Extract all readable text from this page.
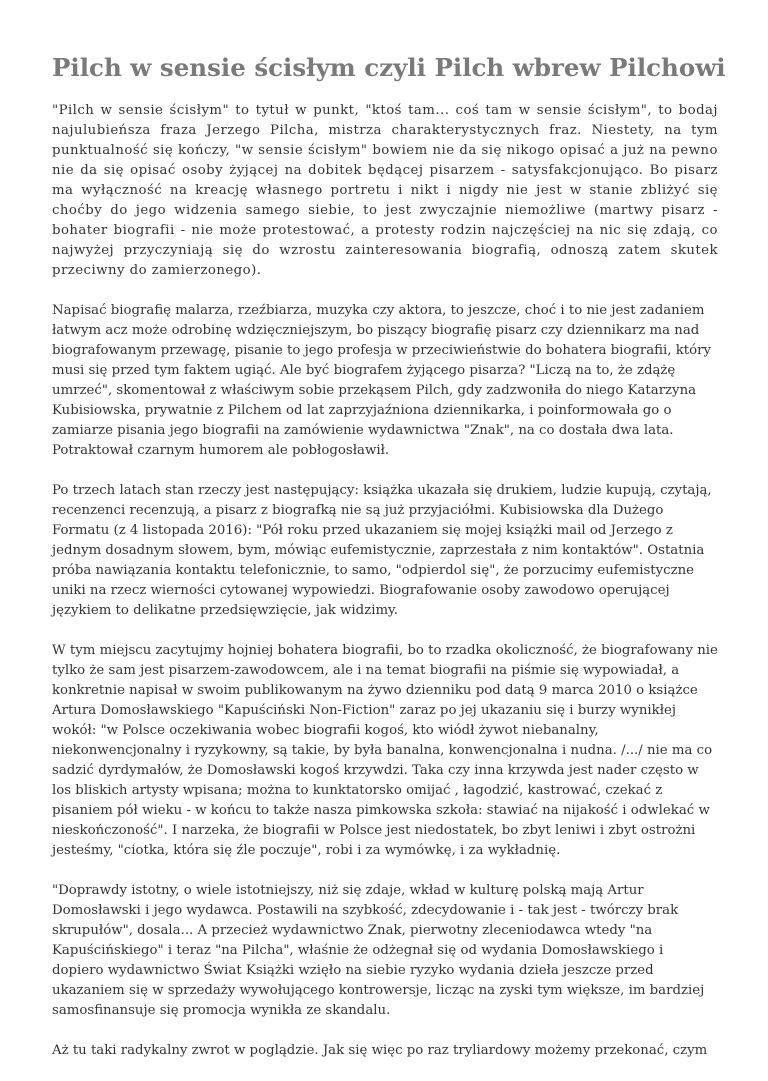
Pilch w sensie ścisłym czyli Pilch wbrew Pilchowi

"Pilch w sensie ścisłym" to tytuł w punkt, "ktoś tam... coś tam w sensie ścisłym", to bodaj najulubieńsza fraza Jerzego Pilcha, mistrza charakterystycznych fraz. Niestety, na tym punktualność się kończy, "w sensie ścisłym" bowiem nie da się nikogo opisać a już na pewno nie da się opisać osoby żyjącej na dobitek będącej pisarzem - satysfakcjonująco. Bo pisarz ma wyłączność na kreację własnego portretu i nikt i nigdy nie jest w stanie zbliżyć się choćby do jego widzenia samego siebie, to jest zwyczajnie niemożliwe (martwy pisarz - bohater biografii - nie może protestować, a protesty rodzin najczęściej na nic się zdają, co najwyżej przyczyniają się do wzrostu zainteresowania biografią, odnoszą zatem skutek przeciwny do zamierzonego).

Napisać biografię malarza, rzeźbiarza, muzyka czy aktora, to jeszcze, choć i to nie jest zadaniem łatwym acz może odrobinę wdzięczniejszym, bo piszący biografię pisarz czy dziennikarz ma nad biografowanym przewagę, pisanie to jego profesja w przeciwieństwie do bohatera biografii, który musi się przed tym faktem ugiąć. Ale być biografem żyjącego pisarza? "Liczą na to, że zdążę umrzeć", skomentował z właściwym sobie przekąsem Pilch, gdy zadzwoniła do niego Katarzyna Kubisiowska, prywatnie z Pilchem od lat zaprzyjaźniona dziennikarka, i poinformowała go o zamiarze pisania jego biografii na zamówienie wydawnictwa "Znak", na co dostała dwa lata. Potraktował czarnym humorem ale pobłogosławił.

Po trzech latach stan rzeczy jest następujący: książka ukazała się drukiem, ludzie kupują, czytają, recenzenci recenzują, a pisarz z biografką nie są już przyjaciółmi. Kubisiowska dla Dużego Formatu (z 4 listopada 2016): "Pół roku przed ukazaniem się mojej książki mail od Jerzego z jednym dosadnym słowem, bym, mówiąc eufemistycznie, zaprzestała z nim kontaktów". Ostatnia próba nawiązania kontaktu telefonicznie, to samo, "odpierdol się", że porzucimy eufemistyczne uniki na rzecz wierności cytowanej wypowiedzi. Biografowanie osoby zawodowo operującej językiem to delikatne przedsięwzięcie, jak widzimy.

W tym miejscu zacytujmy hojniej bohatera biografii, bo to rzadka okoliczność, że biografowany nie tylko że sam jest pisarzem-zawodowcem, ale i na temat biografii na piśmie się wypowiadał, a konkretnie napisał w swoim publikowanym na żywo dzienniku pod datą 9 marca 2010 o książce Artura Domosławskiego "Kapuściński Non-Fiction" zaraz po jej ukazaniu się i burzy wynikłej wokół: "w Polsce oczekiwania wobec biografii kogoś, kto wiódł żywot niebanalny, niekonwencjonalny i ryzykowny, są takie, by była banalna, konwencjonalna i nudna. /.../ nie ma co sadzić dyrdymałów, że Domosławski kogoś krzywdzi. Taka czy inna krzywda jest nader często w los bliskich artysty wpisana; można to kunktatorsko omijać , łagodzić, kastrować, czekać z pisaniem pół wieku - w końcu to także nasza pimkowska szkoła: stawiać na nijakość i odwlekać w nieskończoność". I narzeka, że biografii w Polsce jest niedostatek, bo zbyt leniwi i zbyt ostrożni jesteśmy, "ciotka, która się źle poczuje", robi i za wymówkę, i za wykładnię.

"Doprawdy istotny, o wiele istotniejszy, niż się zdaje, wkład w kulturę polską mają Artur Domosławski i jego wydawca. Postawili na szybkość, zdecydowanie i - tak jest - twórczy brak skrupułów", dosala... A przecież wydawnictwo Znak, pierwotny zleceniodawca wtedy "na Kapuścińskiego" i teraz "na Pilcha", właśnie że odżegnał się od wydania Domosławskiego i dopiero wydawnictwo Świat Książki wzięło na siebie ryzyko wydania dzieła jeszcze przed ukazaniem się w sprzedaży wywołującego kontrowersje, licząc na zyski tym większe, im bardziej samosfinansuje się promocja wynikła ze skandalu.

Aż tu taki radykalny zwrot w poglądzie. Jak się więc po raz tryliardowy możemy przekonać, czym
